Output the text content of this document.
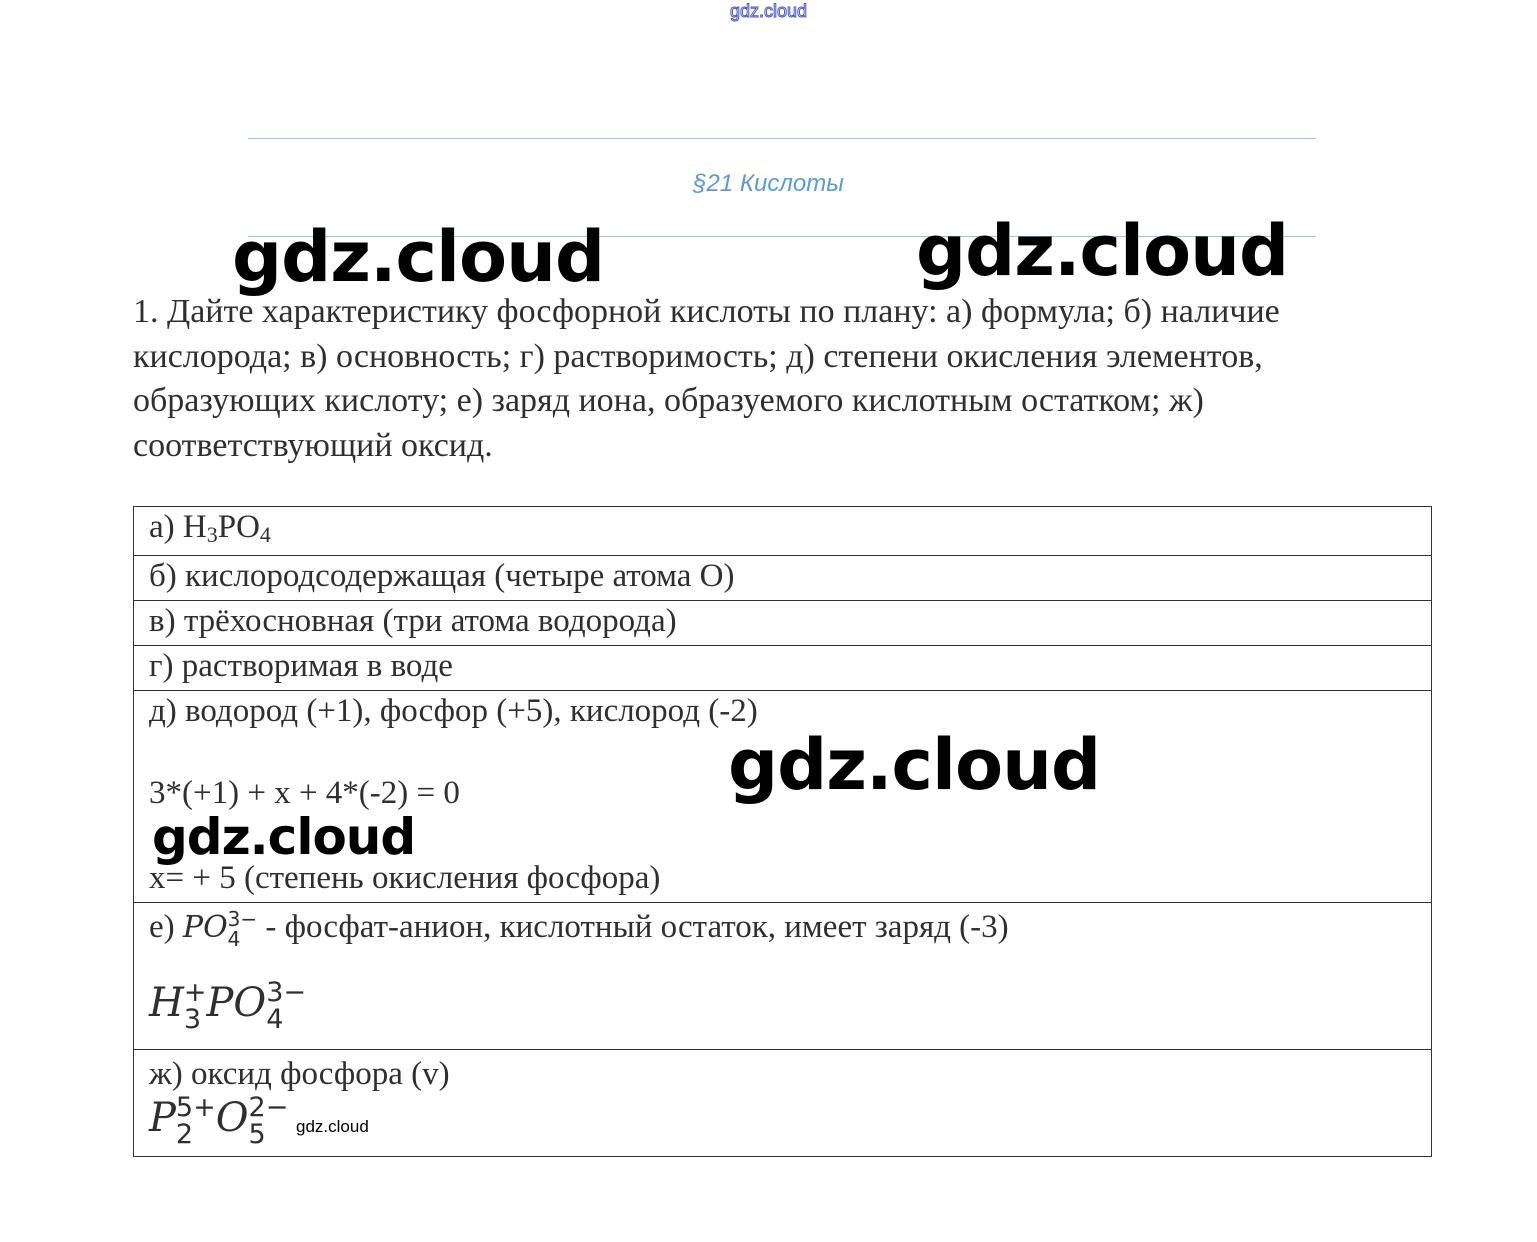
gdz.cloud
§21 Кислоты
gdz.cloud	gdz.cloud
gdz.cloud
gdz.cloud
gdz.cloud
1. Дайте характеристику фосфорной кислоты по плану: а) формула; б) наличие кислорода; в) основность; г) растворимость; д) степени окисления элементов, образующих кислоту; е) заряд иона, образуемого кислотным остатком; ж) соответствующий оксид.
а) $H_3PO_4$
б) кислородсодержащая (четыре атома O)
в) трёхосновная (три атома водорода)
г) растворимая в воде

д) водород (+1), фосфор (+5), кислород (-2)
3*(+1) + x + 4*(-2) = 0
x= + 5 (степень окисления фосфора)

е) PO 3−
4 - фосфат-анион, кислотный остаток, имеет заряд (-3)
H +
3 PO 3−
4

ж) оксид фосфора (v)
P 5+
2 O 2−
5
